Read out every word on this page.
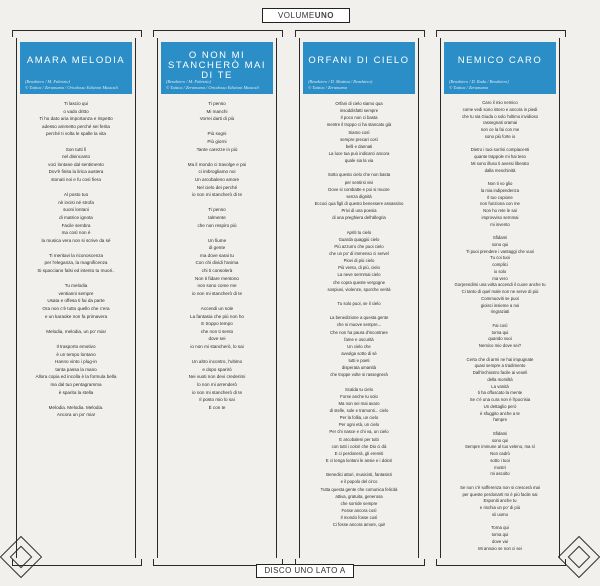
VOLUMEUNO
AMARA MELODIA
(Renzhiero / M. Fabrizio)
© Tattica / Zeramama / Ortodosso Edizioni Musicali
Ti lascio qui
o vado dritto
Ti ho dato aria importanza e rispetto
adesso ammetto perché sei ferita
perché ti volta le spalle la vita
Son tutti lì
nel disincanto
voci lontane dal sentimento
Dov'è finita la lirica austera
stonati noi e fu così fiera
Al posto tuo
nè incisi né strofa
suoni lontani
di matrice ignota
Facile sembra
ma così non è
la musica vera non si scrive da sé
Ti meritavi la riconoscenza
per l'eleganza, la magnificenza
Si spacciano falsi ed intento tu muori..
Tu melodia
ventianni sempre
Usata e offesa ti fai da parte
Ora non c'è tutto quello che c'era
e un karaoke non fa primavera
Melodia, melodia, un po' mia!
Il trasporto emotivo
è un tempo lontano
Hanno vinto i plug-in
tanta passa la mano
Allora copia ed incolla è la formula bella
ma dal tuo pentagramma
è sparita la stella
Melodia. Melodia. Melodia.
Ancora un po' mia!
O NON MI STANCHERÒ MAI DI TE
(Renzhiero / M. Fabrizio)
© Tattica / Zeramama / Ortodosso Edizioni Musicali
Ti penso
Mi manchi
Vorrei darti di più
Più sogni
Più giorni
Tante carezze in più
Ma il mondo ci travolge e poi
ci imbrogliamo noi
Un arcobaleno amore
Nel cielo dei perché
io non mi stancherò di te
Ti penso
talmente
che non respiro più
Un fiume
di gente
ma dove sarai tu
Con chi dividi l'anima
chi ti consolerà
Non ti fidare mentono
non sono come me
io non mi stancherò di te
Accendi un sole
La fantasia che più non ho
E troppo tempo
che non ti sento
dove sei
io non mi stancherò, lo sai
Un altro incontro, l'ultimo
e dopo sparirò
Nei vuoti non devi crederimi
lo non mi arrenderò
io non mi stancherò di te
Il posto mio lo sai
È con te
ORFANI DI CIELO
(Renzhiero / D. Mattina / Renzhiero)
© Tattica / Zeramama
Orfani di cielo siamo qua
insoddisfatti sempre
Il poco non ci basta
mentre il troppo ci ha stancato già
Siamo così
sempre precari così
belli e dannati
La luce tua può indicarci ancora
quale sia la via
Sotto questo cielo che non basta
per sentirsi vivi
Dove si combatte e poi si muore
senza dignità
Eccoci qua figli di questo benessere assassino
Privi di una poesia
di una preghiera dell'allegria
Apriti tu cielo
Guarda quaggiù cielo
Più azzurro che puoi cielo
che un po' di immenso ci servel
Piovi di più cielo
Più vento, di più, cielo
La neve sermmai cielo
che copra queste vergogne
sospiusi, violenze, sporche verità
Tu solo puoi, se il cielo
La benedizione a questa gente
che si muove sempre...
Che non ha paura d'incontrare
fame e oscurità
Un cielo che
avvolga sotto di sé
tutti e poeti
disperata umanità
che troppe volte si rassegnerà
Scalda tu cielo
Forse anche tu solo
Ma non sei mai avaro
di stelle, sole e tramonti... cielo
Per la follia, un cielo
Per ogni età, un cielo
Per chi nasce e chi va, un cielo
E arcobaleni per tutti
con tutti i colori che Dio ci dà
E ci perdonerà, gli eremiti
E ci tenga lontani le ansie e i dolori
Benedici attori, musicisti, fantasisti
e il popolo del circo
Tutta questa gente che comunica felicità
attiva, gratuita, generosa
che sorride sempre
Fosse ancora così
Il mondo fosse così
Ci fosse ancora amore, qui!
NEMICO CARO
(Renzhiero / D. Rada / Renzhiero)
© Tattica / Zeramama
Caro il mio nemico
come vedi sono intero e ancora in piedi
che tu sia Giuda o solo l'ultimo invidioso
rassegnati oramai
non ce la fai con me
sono più forte io
Dietro i tuoi sorrisi compiacenti
quante trappole mi hai teso
Mi sono illuso ti avessi liberato
dalla meschinità
Non ti vo glio
la mia indipendenza
Il tuo copione
non funziona con me
Non ho rete le sai
improvviso sernmai
mi invento
Sfidami
sono qui
Ti puoi prendere i vantaggi che vuoi
Tu coi tuoi
complici
io solo
ma vero
Gorprendimi una volta accendi il cuore anche tu
Ci tanto di quel male non ne serve di più
Commuoviti se puoi
gioisci insieme a noi
ringraziati
Fai così
torna qui
quando vuoi
Nemico mio dove sei?
Certo che di armi ne hai impugnate
quasi sempre a tradimento
Dall'inchiostro facile ai veseli
della morsiltà
La vanità
ti ha offuscato la mente
Se c'è una cura non è l'ipocrisia
Un dettaglio però
è sfuggito anche a te
l'ampre
Sfidami
sono qui
Sempre immune al tuo veleno, ma sì
Non cadrò
sotto i tuoi
mostri
mi ascolto
Se non c'è sofferenza non si crescerà mai
per queste perdonarti mi è più facile sai
Esponiti anche tu
e rischia un po' di più
sii uomo
Torna qui
torna qui
dove vai
Mi annoio se non ci sei
DISCO UNO LATO A
